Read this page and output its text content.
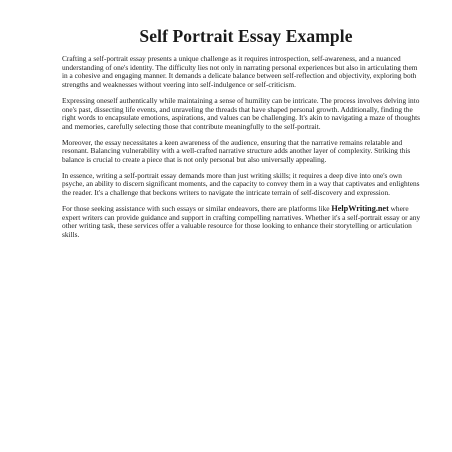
Self Portrait Essay Example

Crafting a self-portrait essay presents a unique challenge as it requires introspection, self-awareness, and a nuanced understanding of one's identity. The difficulty lies not only in narrating personal experiences but also in articulating them in a cohesive and engaging manner. It demands a delicate balance between self-reflection and objectivity, exploring both strengths and weaknesses without veering into self-indulgence or self-criticism.

Expressing oneself authentically while maintaining a sense of humility can be intricate. The process involves delving into one's past, dissecting life events, and unraveling the threads that have shaped personal growth. Additionally, finding the right words to encapsulate emotions, aspirations, and values can be challenging. It's akin to navigating a maze of thoughts and memories, carefully selecting those that contribute meaningfully to the self-portrait.

Moreover, the essay necessitates a keen awareness of the audience, ensuring that the narrative remains relatable and resonant. Balancing vulnerability with a well-crafted narrative structure adds another layer of complexity. Striking this balance is crucial to create a piece that is not only personal but also universally appealing.

In essence, writing a self-portrait essay demands more than just writing skills; it requires a deep dive into one's own psyche, an ability to discern significant moments, and the capacity to convey them in a way that captivates and enlightens the reader. It's a challenge that beckons writers to navigate the intricate terrain of self-discovery and expression.

For those seeking assistance with such essays or similar endeavors, there are platforms like HelpWriting.net where expert writers can provide guidance and support in crafting compelling narratives. Whether it's a self-portrait essay or any other writing task, these services offer a valuable resource for those looking to enhance their storytelling or articulation skills.
